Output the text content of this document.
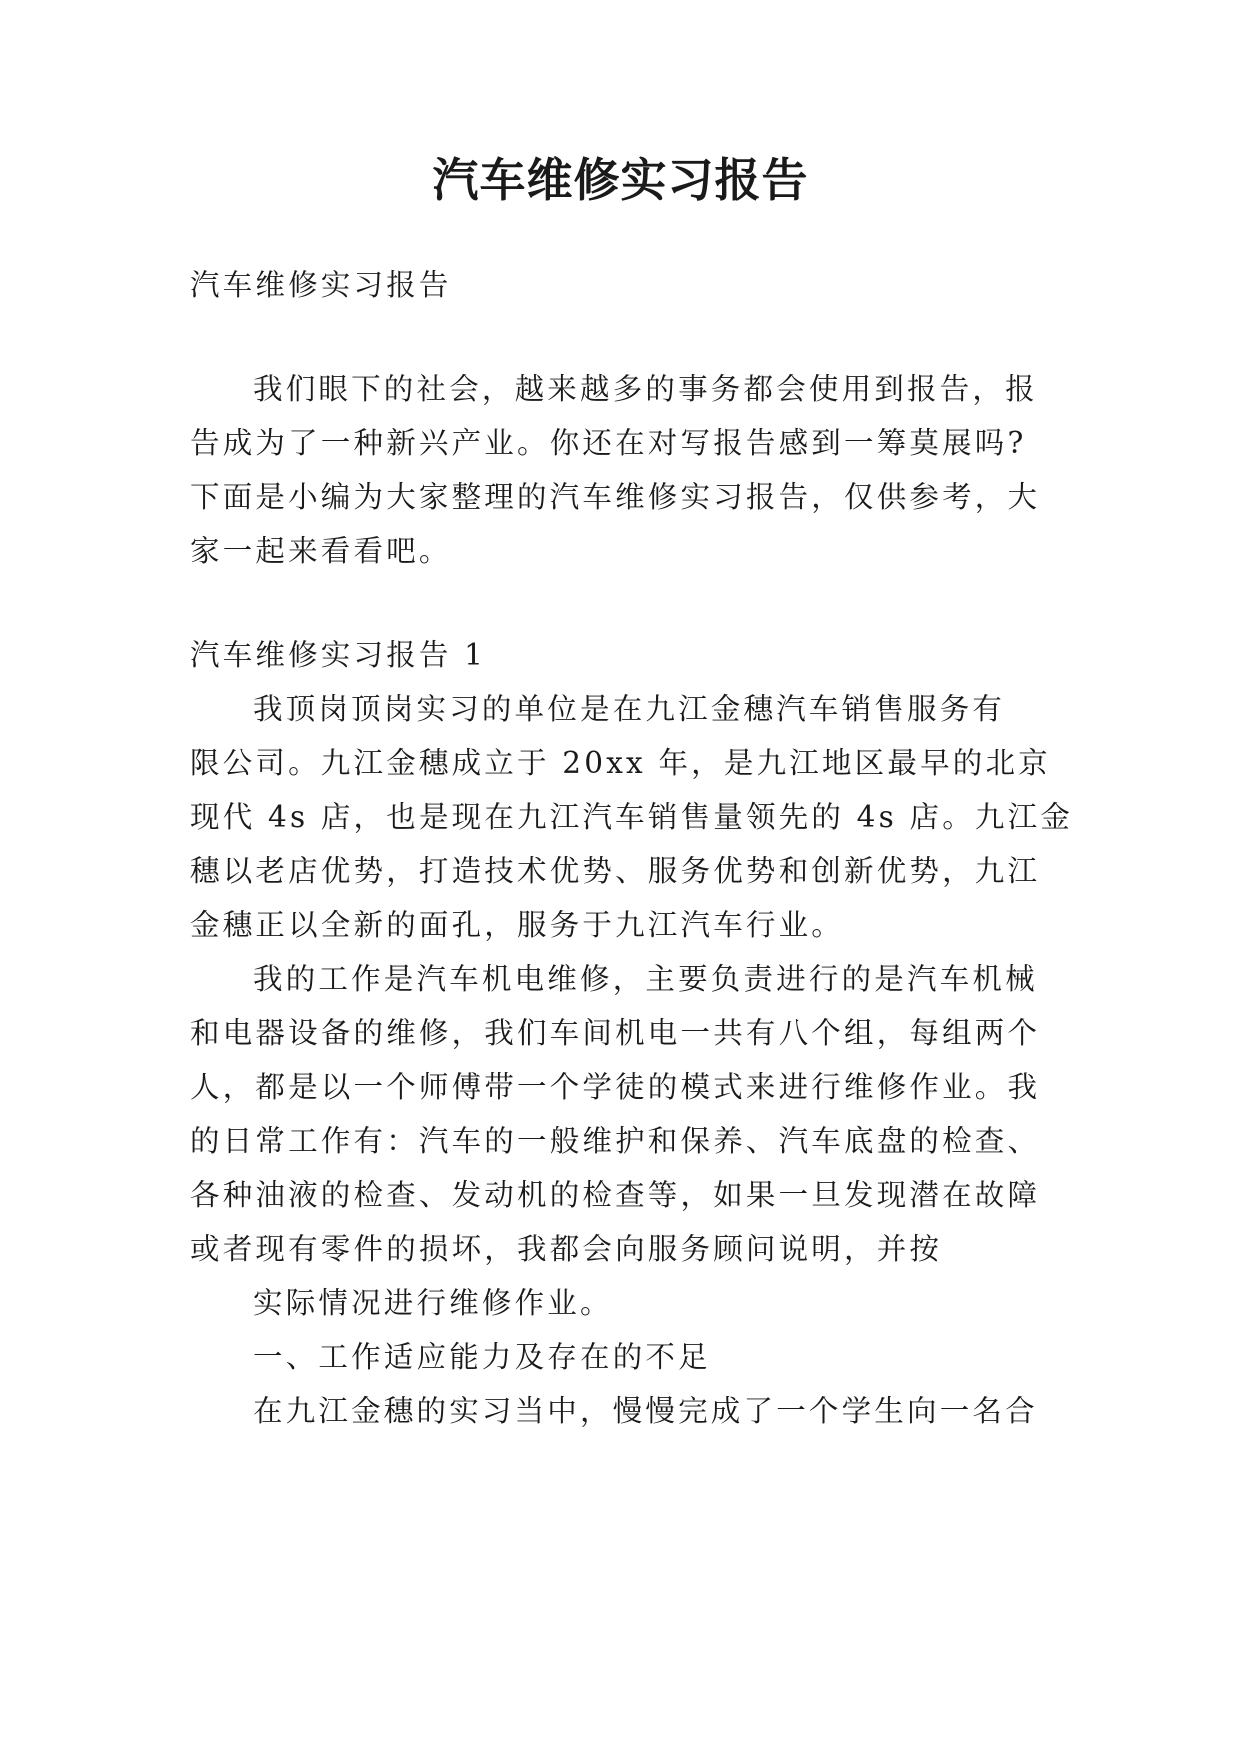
汽车维修实习报告
汽车维修实习报告
我们眼下的社会，越来越多的事务都会使用到报告，报
告成为了一种新兴产业。你还在对写报告感到一筹莫展吗?
下面是小编为大家整理的汽车维修实习报告，仅供参考，大
家一起来看看吧。
汽车维修实习报告 1
我顶岗顶岗实习的单位是在九江金穗汽车销售服务有
限公司。九江金穗成立于 20xx 年，是九江地区最早的北京
现代 4s 店，也是现在九江汽车销售量领先的 4s 店。九江金
穗以老店优势，打造技术优势、服务优势和创新优势，九江
金穗正以全新的面孔，服务于九江汽车行业。
我的工作是汽车机电维修，主要负责进行的是汽车机械
和电器设备的维修，我们车间机电一共有八个组，每组两个
人，都是以一个师傅带一个学徒的模式来进行维修作业。我
的日常工作有：汽车的一般维护和保养、汽车底盘的检查、
各种油液的检查、发动机的检查等，如果一旦发现潜在故障
或者现有零件的损坏，我都会向服务顾问说明，并按
实际情况进行维修作业。
一、工作适应能力及存在的不足
在九江金穗的实习当中，慢慢完成了一个学生向一名合
